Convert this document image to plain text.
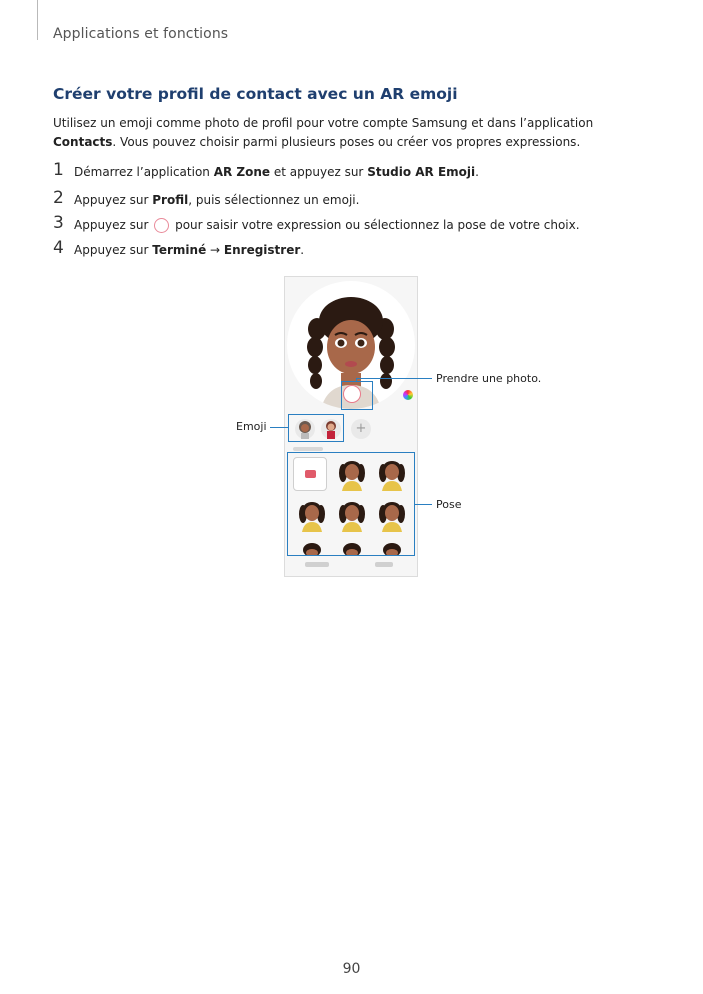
Applications et fonctions
Créer votre profil de contact avec un AR emoji
Utilisez un emoji comme photo de profil pour votre compte Samsung et dans l’application Contacts. Vous pouvez choisir parmi plusieurs poses ou créer vos propres expressions.
1 Démarrez l’application AR Zone et appuyez sur Studio AR Emoji.
2 Appuyez sur Profil, puis sélectionnez un emoji.
3 Appuyez sur  pour saisir votre expression ou sélectionnez la pose de votre choix.
4 Appuyez sur Terminé → Enregistrer.
+
Prendre une photo.
Emoji
Pose
90
